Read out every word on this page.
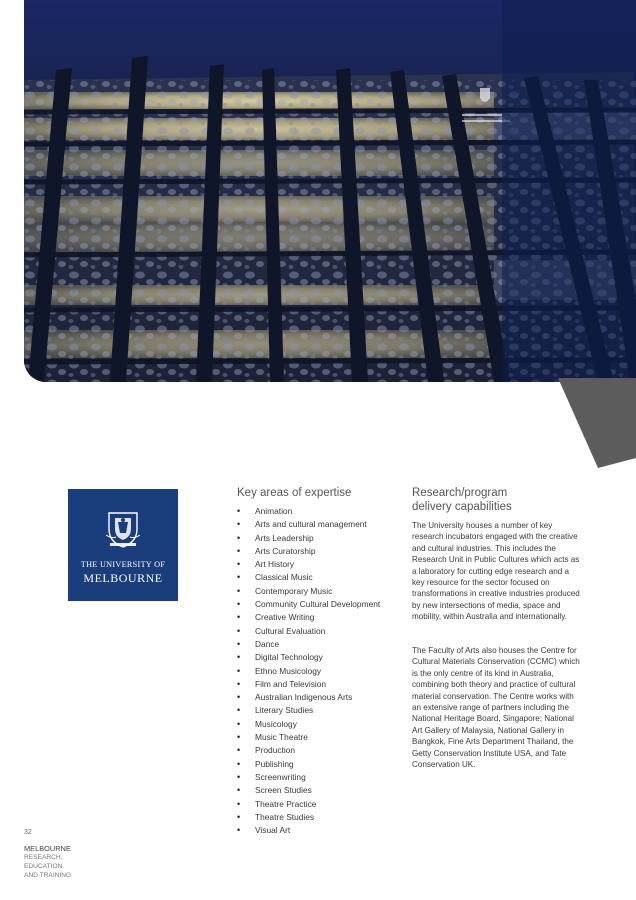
THE UNIVERSITY OF
MELBOURNE
Key areas of expertise
• Animation
• Arts and cultural management
• Arts Leadership
• Arts Curatorship
• Art History
• Classical Music
• Contemporary Music
• Community Cultural Development
• Creative Writing
• Cultural Evaluation
• Dance
• Digital Technology
• Ethno Musicology
• Film and Television
• Australian Indigenous Arts
• Literary Studies
• Musicology
• Music Theatre
• Production
• Publishing
• Screenwriting
• Screen Studies
• Theatre Practice
• Theatre Studies
• Visual Art
Research/program
delivery capabilities

The University houses a number of key research incubators engaged with the creative and cultural industries. This includes the Research Unit in Public Cultures which acts as a laboratory for cutting edge research and a key resource for the sector focused on transformations in creative industries produced by new intersections of media, space and mobility, within Australia and internationally.

The Faculty of Arts also houses the Centre for Cultural Materials Conservation (CCMC) which is the only centre of its kind in Australia, combining both theory and practice of cultural material conservation. The Centre works with an extensive range of partners including the National Heritage Board, Singapore; National Art Gallery of Malaysia, National Gallery in Bangkok, Fine Arts Department Thailand, the Getty Conservation Institute USA, and Tate Conservation UK.

32
MELBOURNE
RESEARCH,
EDUCATION
AND TRAINING
